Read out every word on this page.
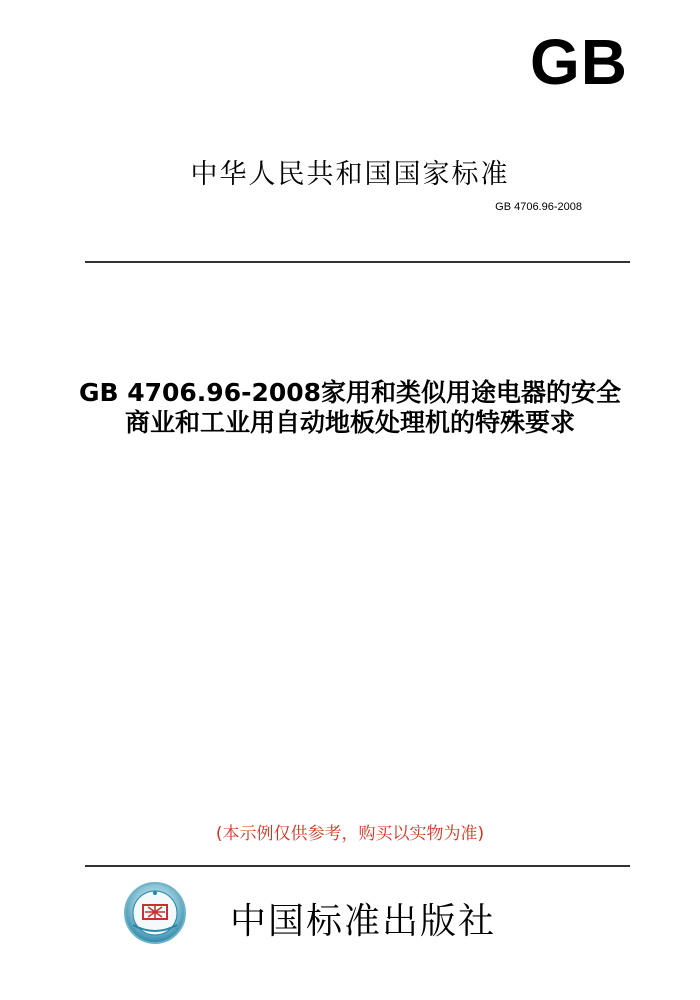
GB
中华人民共和国国家标准
GB 4706.96-2008
GB 4706.96-2008家用和类似用途电器的安全
商业和工业用自动地板处理机的特殊要求
(本示例仅供参考，购买以实物为准)
中国标准出版社
